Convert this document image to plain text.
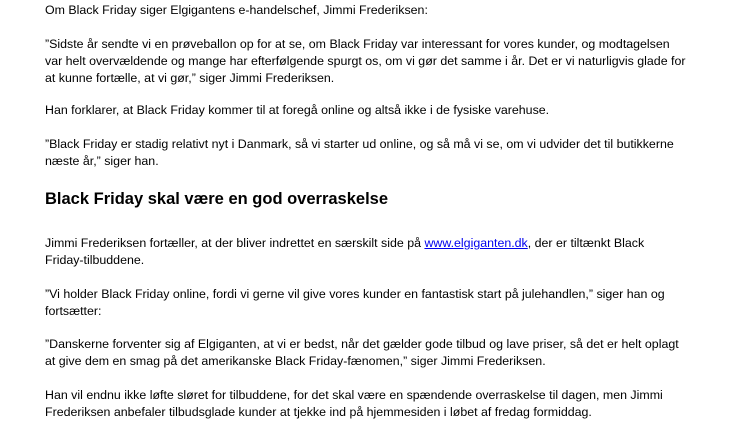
Om Black Friday siger Elgigantens e-handelschef, Jimmi Frederiksen:

”Sidste år sendte vi en prøveballon op for at se, om Black Friday var interessant for vores kunder, og modtagelsen
var helt overvældende og mange har efterfølgende spurgt os, om vi gør det samme i år. Det er vi naturligvis glade for
at kunne fortælle, at vi gør,” siger Jimmi Frederiksen.

Han forklarer, at Black Friday kommer til at foregå online og altså ikke i de fysiske varehuse.

”Black Friday er stadig relativt nyt i Danmark, så vi starter ud online, og så må vi se, om vi udvider det til butikkerne
næste år,” siger han.

Black Friday skal være en god overraskelse

Jimmi Frederiksen fortæller, at der bliver indrettet en særskilt side på www.elgiganten.dk, der er tiltænkt Black
Friday-tilbuddene.

”Vi holder Black Friday online, fordi vi gerne vil give vores kunder en fantastisk start på julehandlen,” siger han og
fortsætter:

”Danskerne forventer sig af Elgiganten, at vi er bedst, når det gælder gode tilbud og lave priser, så det er helt oplagt
at give dem en smag på det amerikanske Black Friday-fænomen,” siger Jimmi Frederiksen.

Han vil endnu ikke løfte sløret for tilbuddene, for det skal være en spændende overraskelse til dagen, men Jimmi
Frederiksen anbefaler tilbudsglade kunder at tjekke ind på hjemmesiden i løbet af fredag formiddag.
